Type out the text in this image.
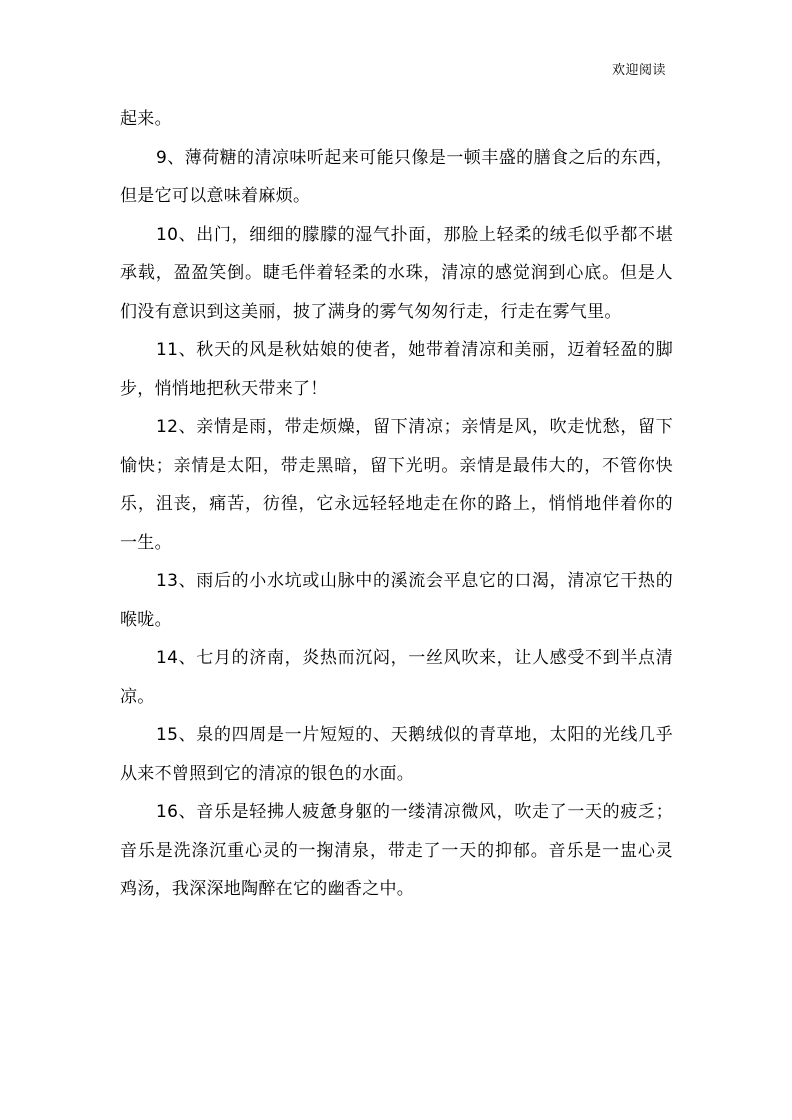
欢迎阅读

起来。

9、薄荷糖的清凉味听起来可能只像是一顿丰盛的膳食之后的东西，但是它可以意味着麻烦。

10、出门，细细的朦朦的湿气扑面，那脸上轻柔的绒毛似乎都不堪承载，盈盈笑倒。睫毛伴着轻柔的水珠，清凉的感觉润到心底。但是人们没有意识到这美丽，披了满身的雾气匆匆行走，行走在雾气里。

11、秋天的风是秋姑娘的使者，她带着清凉和美丽，迈着轻盈的脚步，悄悄地把秋天带来了！

12、亲情是雨，带走烦燥，留下清凉；亲情是风，吹走忧愁，留下愉快；亲情是太阳，带走黑暗，留下光明。亲情是最伟大的，不管你快乐，沮丧，痛苦，彷徨，它永远轻轻地走在你的路上，悄悄地伴着你的一生。

13、雨后的小水坑或山脉中的溪流会平息它的口渴，清凉它干热的喉咙。

14、七月的济南，炎热而沉闷，一丝风吹来，让人感受不到半点清凉。

15、泉的四周是一片短短的、天鹅绒似的青草地，太阳的光线几乎从来不曾照到它的清凉的银色的水面。

16、音乐是轻拂人疲惫身躯的一缕清凉微风，吹走了一天的疲乏；音乐是洗涤沉重心灵的一掬清泉，带走了一天的抑郁。音乐是一盅心灵鸡汤，我深深地陶醉在它的幽香之中。
